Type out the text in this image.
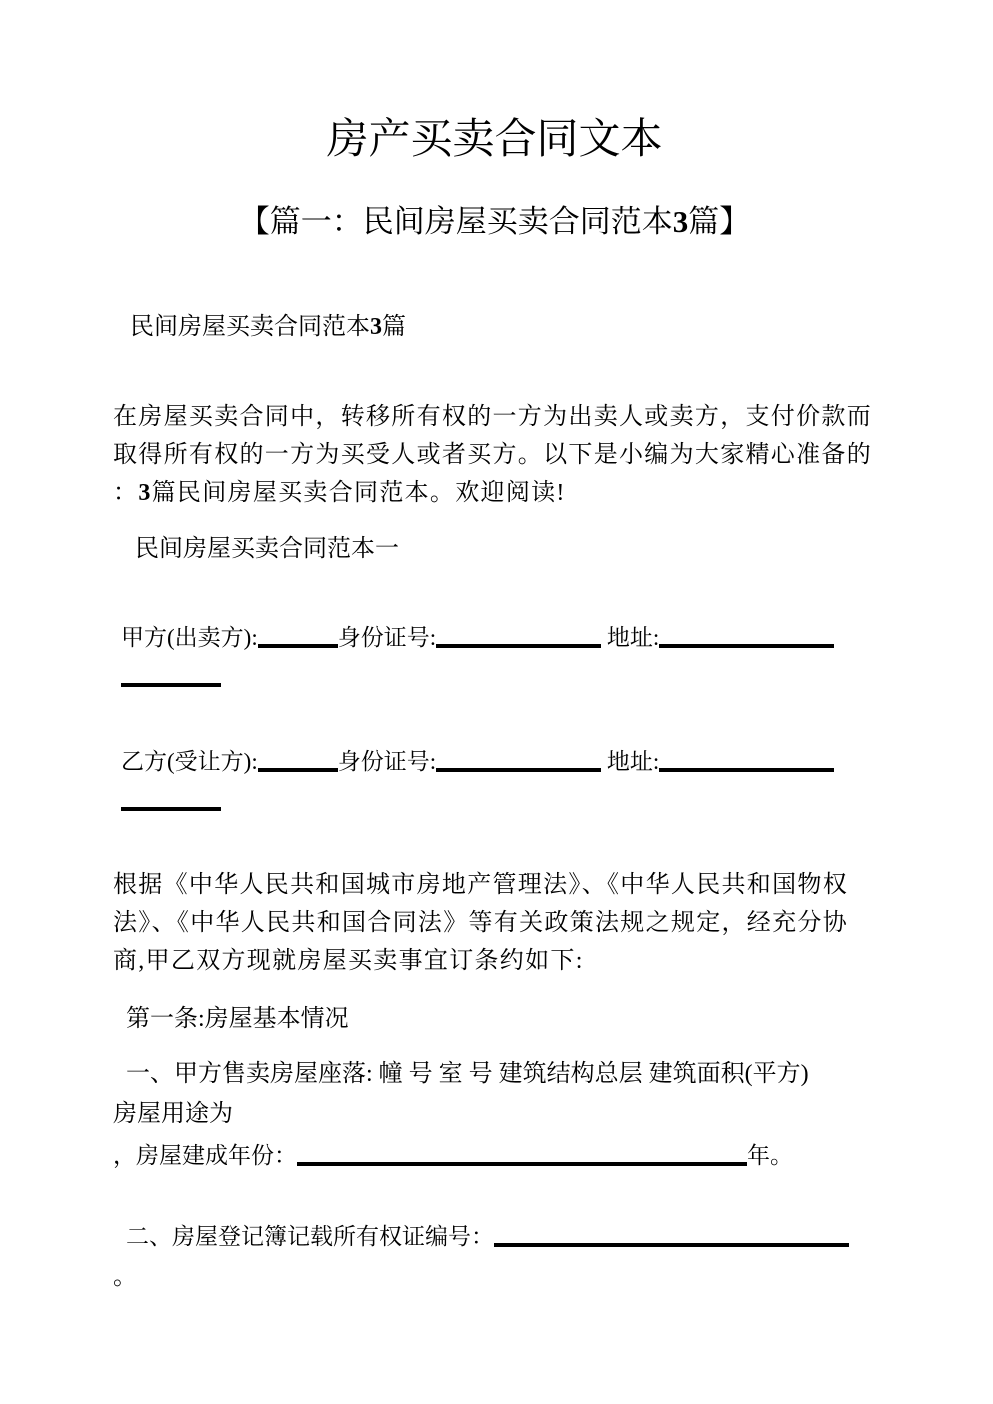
房产买卖合同文本
【篇一：民间房屋买卖合同范本3篇】
民间房屋买卖合同范本3篇
在房屋买卖合同中，转移所有权的一方为出卖人或卖方，支付价款而
取得所有权的一方为买受人或者买方。以下是小编为大家精心准备的
：3篇民间房屋买卖合同范本。欢迎阅读!
民间房屋买卖合同范本一
甲方(出卖方):	身份证号:	地址:

乙方(受让方):	身份证号:	地址:

根据《中华人民共和国城市房地产管理法》、《中华人民共和国物权
法》、《中华人民共和国合同法》等有关政策法规之规定，经充分协
商,甲乙双方现就房屋买卖事宜订条约如下:
第一条:房屋基本情况
一、甲方售卖房屋座落: 幢 号 室 号 建筑结构总层 建筑面积(平方)
房屋用途为
，房屋建成年份：	年。
二、房屋登记簿记载所有权证编号：
。
